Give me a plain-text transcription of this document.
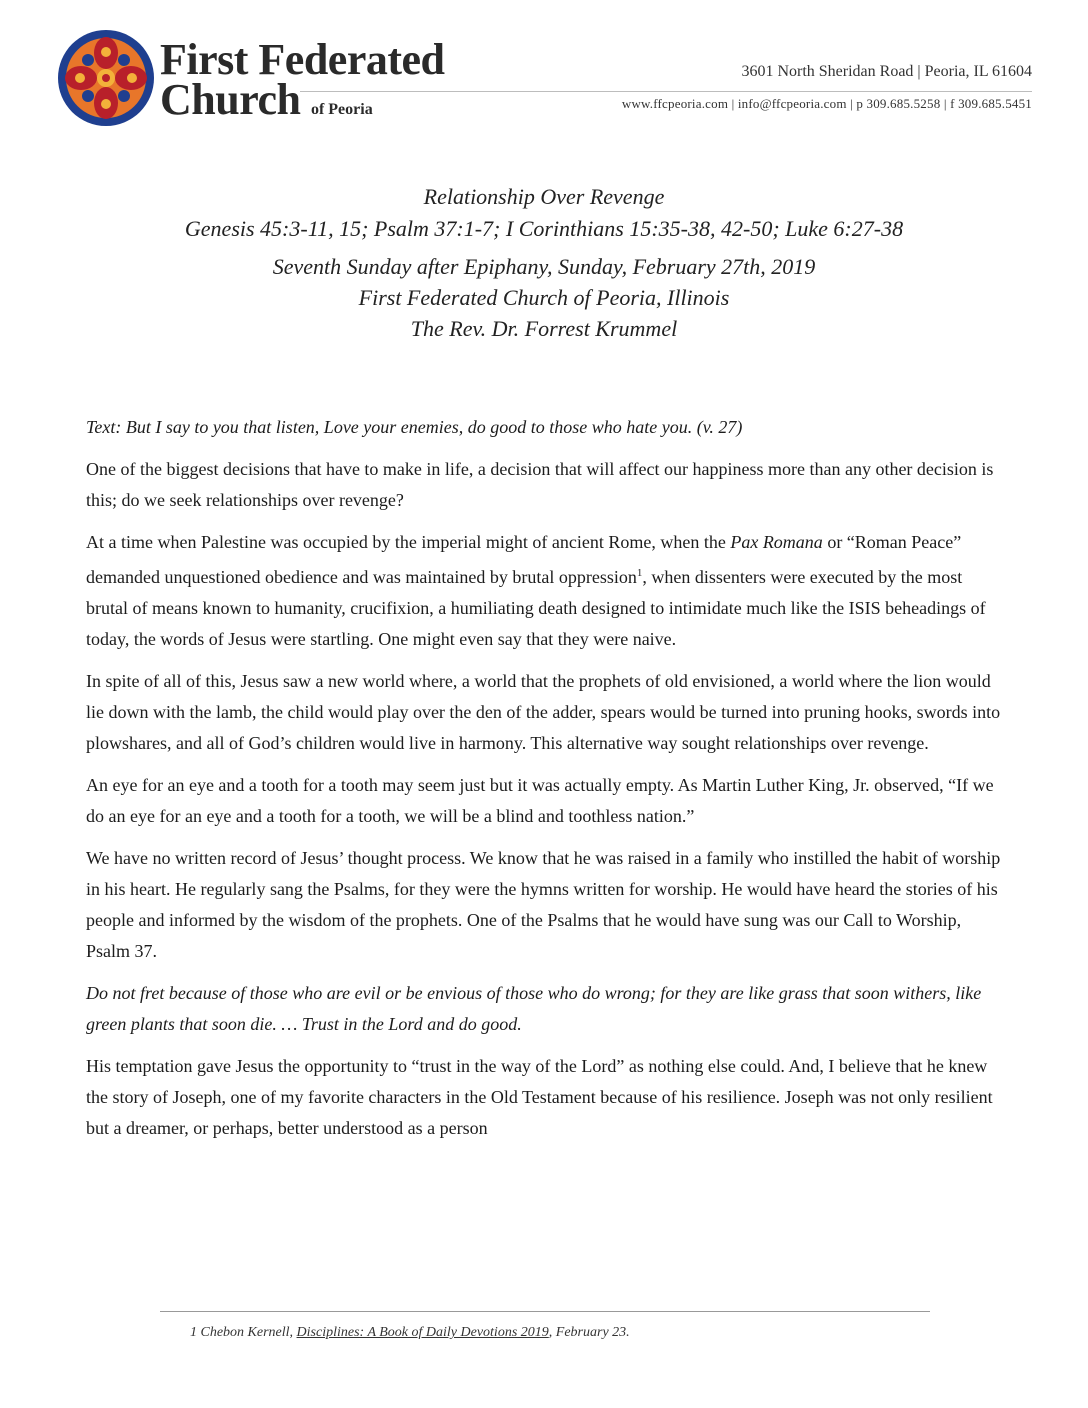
First Federated
Church of Peoria
3601 North Sheridan Road | Peoria, IL 61604
www.ffcpeoria.com | info@ffcpeoria.com | p 309.685.5258 | f 309.685.5451
Relationship Over Revenge
Genesis 45:3-11, 15; Psalm 37:1-7; I Corinthians 15:35-38, 42-50; Luke 6:27-38
Seventh Sunday after Epiphany, Sunday, February 27th, 2019
First Federated Church of Peoria, Illinois
The Rev. Dr. Forrest Krummel

Text: But I say to you that listen, Love your enemies, do good to those who hate you. (v. 27)

One of the biggest decisions that have to make in life, a decision that will affect our happiness more than any other decision is this; do we seek relationships over revenge?

At a time when Palestine was occupied by the imperial might of ancient Rome, when the Pax Romana or “Roman Peace” demanded unquestioned obedience and was maintained by brutal oppression$^1$, when dissenters were executed by the most brutal of means known to humanity, crucifixion, a humiliating death designed to intimidate much like the ISIS beheadings of today, the words of Jesus were startling. One might even say that they were naive.

In spite of all of this, Jesus saw a new world where, a world that the prophets of old envisioned, a world where the lion would lie down with the lamb, the child would play over the den of the adder, spears would be turned into pruning hooks, swords into plowshares, and all of God’s children would live in harmony. This alternative way sought relationships over revenge.

An eye for an eye and a tooth for a tooth may seem just but it was actually empty. As Martin Luther King, Jr. observed, “If we do an eye for an eye and a tooth for a tooth, we will be a blind and toothless nation.”

We have no written record of Jesus’ thought process. We know that he was raised in a family who instilled the habit of worship in his heart. He regularly sang the Psalms, for they were the hymns written for worship. He would have heard the stories of his people and informed by the wisdom of the prophets. One of the Psalms that he would have sung was our Call to Worship, Psalm 37.

Do not fret because of those who are evil or be envious of those who do wrong; for they are like grass that soon withers, like green plants that soon die. … Trust in the Lord and do good.

His temptation gave Jesus the opportunity to “trust in the way of the Lord” as nothing else could. And, I believe that he knew the story of Joseph, one of my favorite characters in the Old Testament because of his resilience. Joseph was not only resilient but a dreamer, or perhaps, better understood as a person

1 Chebon Kernell, Disciplines: A Book of Daily Devotions 2019, February 23.
